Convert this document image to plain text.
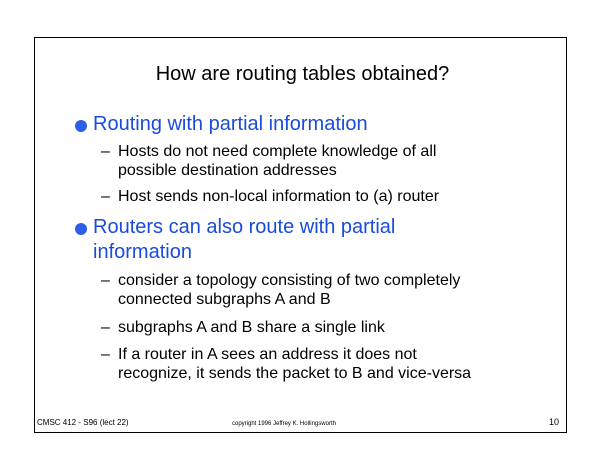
How are routing tables obtained?
Routing with partial information
– Hosts do not need complete knowledge of all
possible destination addresses
– Host sends non-local information to (a) router
Routers can also route with partial
information
– consider a topology consisting of two completely
connected subgraphs A and B
– subgraphs A and B share a single link
– If a router in A sees an address it does not
recognize, it sends the packet to B and vice-versa
CMSC 412 - S96 (lect 22)	copyright 1996 Jeffrey K. Hollingsworth	10
